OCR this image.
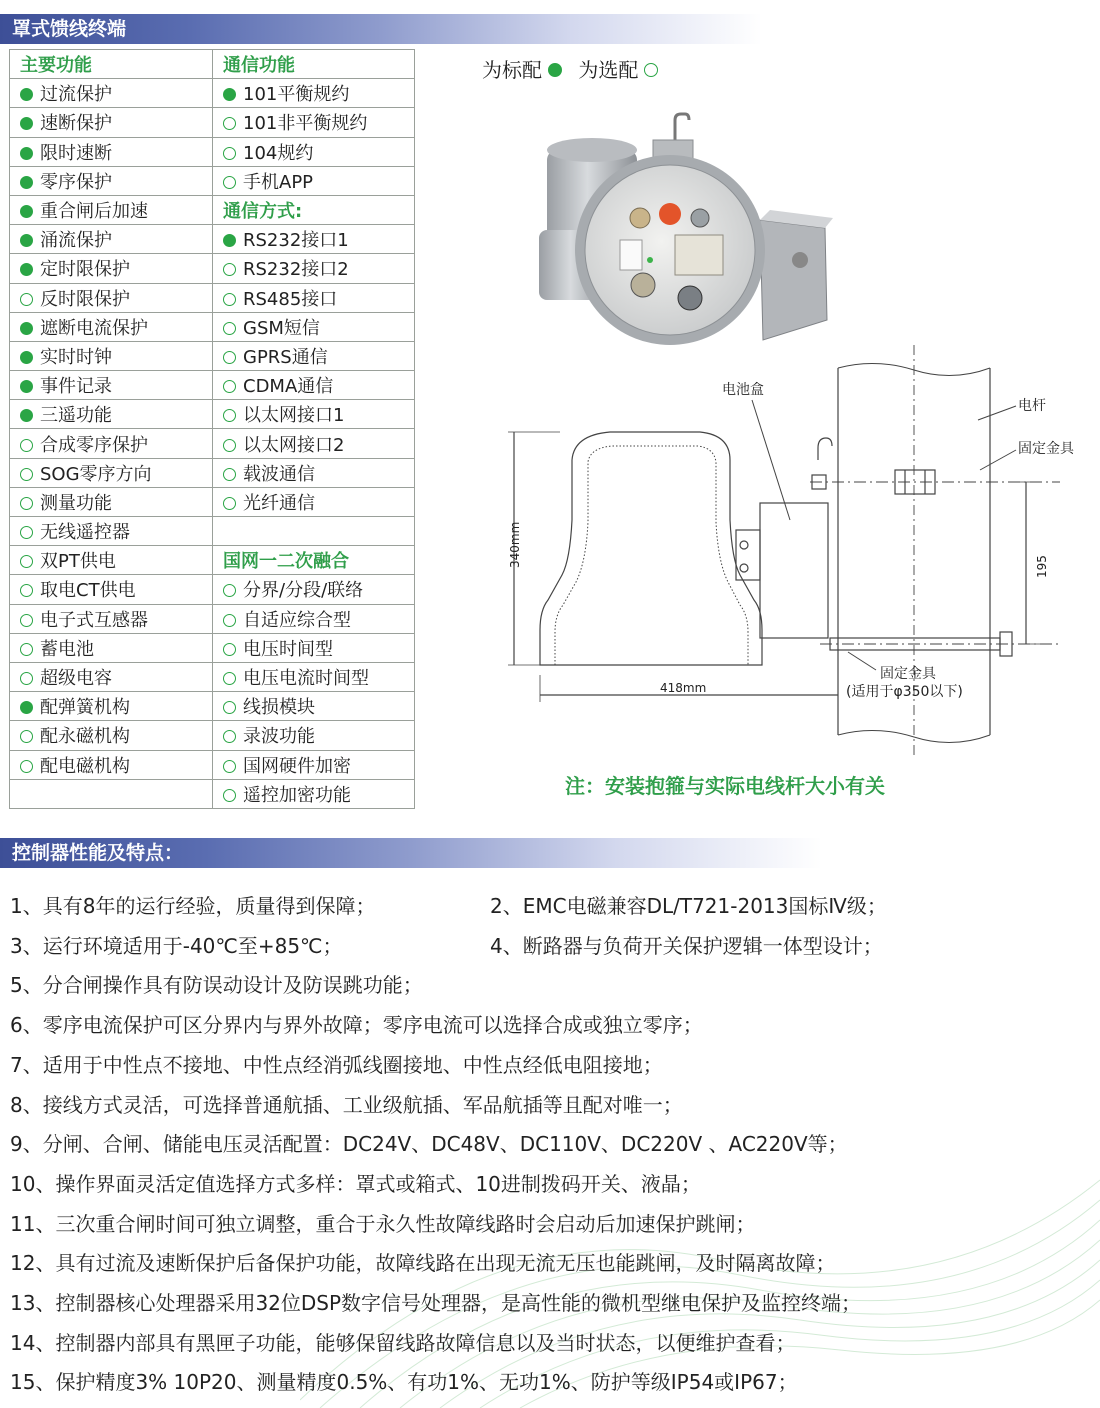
罩式馈线终端
主要功能	通信功能
过流保护	101平衡规约
速断保护	101非平衡规约
限时速断	104规约
零序保护	手机APP
重合闸后加速	通信方式:
涌流保护	RS232接口1
定时限保护	RS232接口2
反时限保护	RS485接口
遮断电流保护	GSM短信
实时时钟	GPRS通信
事件记录	CDMA通信
三遥功能	以太网接口1
合成零序保护	以太网接口2
SOG零序方向	载波通信
测量功能	光纤通信
无线遥控器	
双PT供电	国网一二次融合
取电CT供电	分界/分段/联络
电子式互感器	自适应综合型
蓄电池	电压时间型
超级电容	电压电流时间型
配弹簧机构	线损模块
配永磁机构	录波功能
配电磁机构	国网硬件加密
	遥控加密功能
为标配 为选配
电池盒
电杆
固定金具
固定金具
(适用于φ350以下)
418mm
340mm	195
注：安装抱箍与实际电线杆大小有关
控制器性能及特点：
1、具有8年的运行经验，质量得到保障；	2、EMC电磁兼容DL/T721-2013国标Ⅳ级；
3、运行环境适用于-40℃至+85℃；	4、断路器与负荷开关保护逻辑一体型设计；
5、分合闸操作具有防误动设计及防误跳功能；
6、零序电流保护可区分界内与界外故障；零序电流可以选择合成或独立零序；
7、适用于中性点不接地、中性点经消弧线圈接地、中性点经低电阻接地；
8、接线方式灵活，可选择普通航插、工业级航插、军品航插等且配对唯一；
9、分闸、合闸、储能电压灵活配置：DC24V、DC48V、DC110V、DC220V 、AC220V等；
10、操作界面灵活定值选择方式多样：罩式或箱式、10进制拨码开关、液晶；
11、三次重合闸时间可独立调整，重合于永久性故障线路时会启动后加速保护跳闸；
12、具有过流及速断保护后备保护功能，故障线路在出现无流无压也能跳闸，及时隔离故障；
13、控制器核心处理器采用32位DSP数字信号处理器，是高性能的微机型继电保护及监控终端；
14、控制器内部具有黑匣子功能，能够保留线路故障信息以及当时状态，以便维护查看；
15、保护精度3% 10P20、测量精度0.5%、有功1%、无功1%、防护等级IP54或IP67；
